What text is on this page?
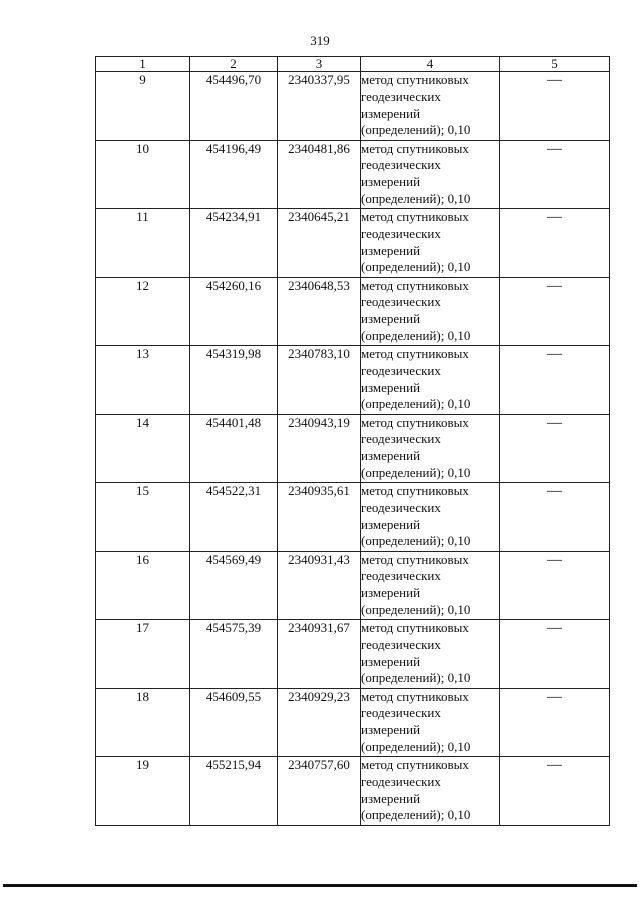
319
1	2	3	4	5
9	454496,70	2340337,95	метод спутниковых
геодезических
измерений
(определений); 0,10	—
10	454196,49	2340481,86	метод спутниковых
геодезических
измерений
(определений); 0,10	—
11	454234,91	2340645,21	метод спутниковых
геодезических
измерений
(определений); 0,10	—
12	454260,16	2340648,53	метод спутниковых
геодезических
измерений
(определений); 0,10	—
13	454319,98	2340783,10	метод спутниковых
геодезических
измерений
(определений); 0,10	—
14	454401,48	2340943,19	метод спутниковых
геодезических
измерений
(определений); 0,10	—
15	454522,31	2340935,61	метод спутниковых
геодезических
измерений
(определений); 0,10	—
16	454569,49	2340931,43	метод спутниковых
геодезических
измерений
(определений); 0,10	—
17	454575,39	2340931,67	метод спутниковых
геодезических
измерений
(определений); 0,10	—
18	454609,55	2340929,23	метод спутниковых
геодезических
измерений
(определений); 0,10	—
19	455215,94	2340757,60	метод спутниковых
геодезических
измерений
(определений); 0,10	—
